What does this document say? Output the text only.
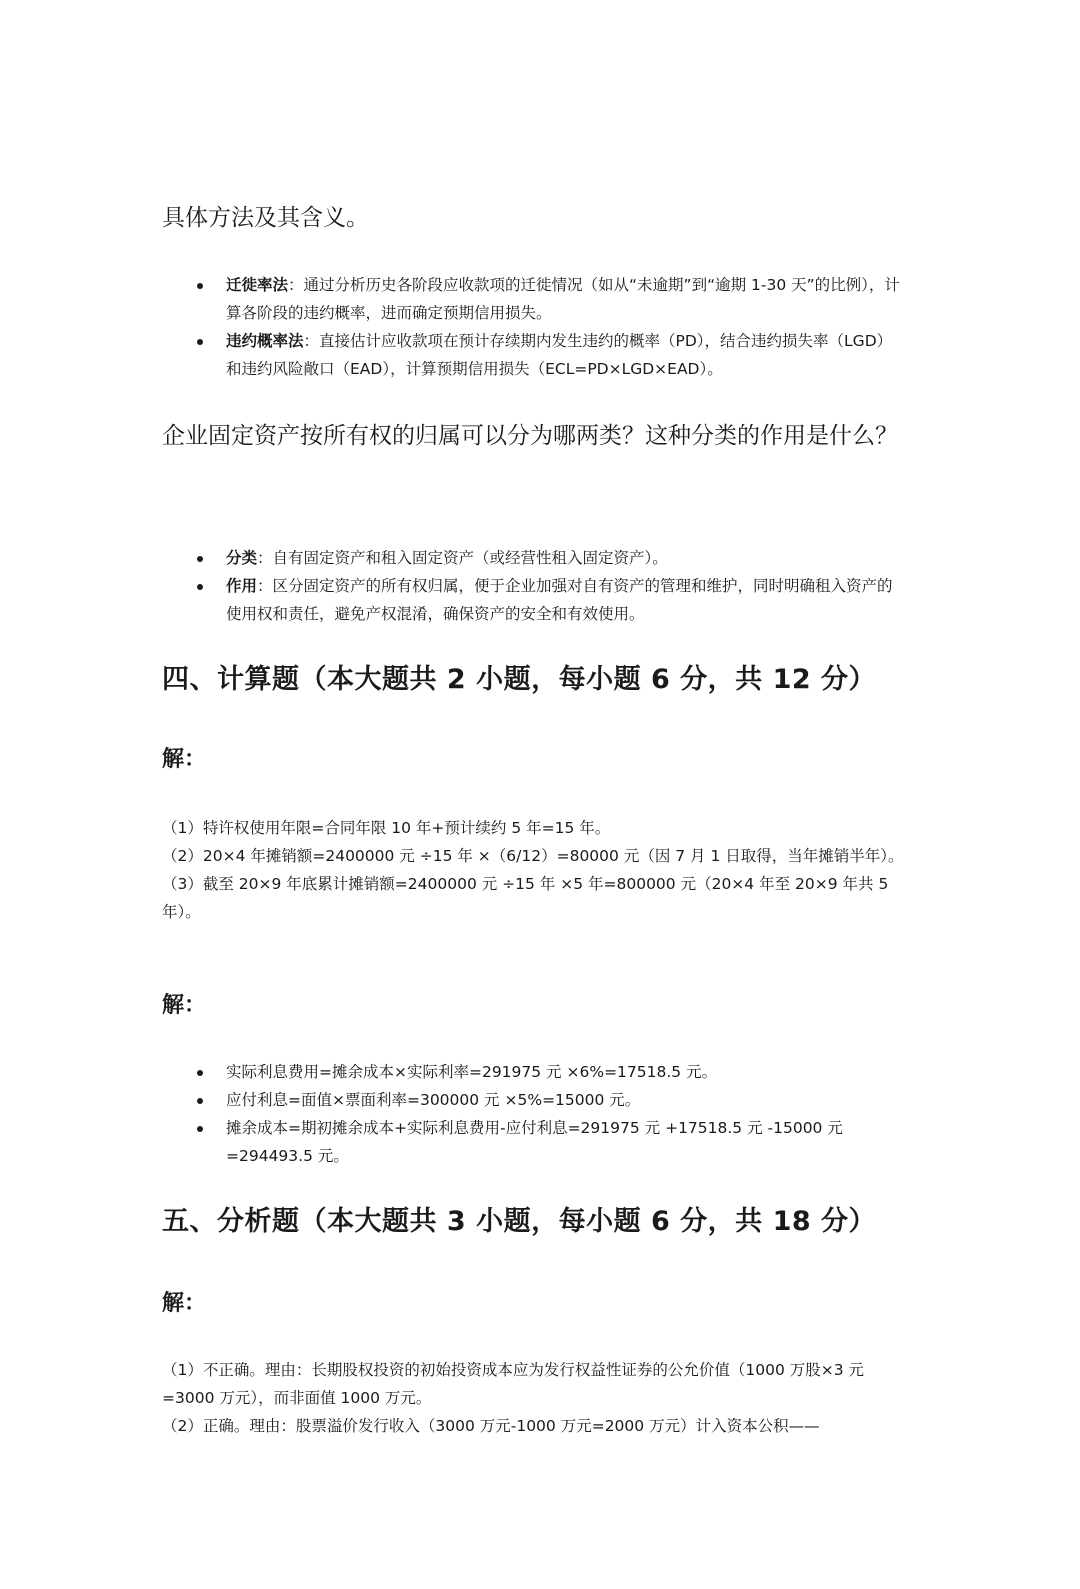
具体方法及其含义。
迁徙率法：通过分析历史各阶段应收款项的迁徙情况（如从“未逾期”到“逾期 1-30 天”的比例），计算各阶段的违约概率，进而确定预期信用损失。
违约概率法：直接估计应收款项在预计存续期内发生违约的概率（PD），结合违约损失率（LGD）和违约风险敞口（EAD），计算预期信用损失（ECL=PD×LGD×EAD）。
企业固定资产按所有权的归属可以分为哪两类？这种分类的作用是什么？
分类：自有固定资产和租入固定资产（或经营性租入固定资产）。
作用：区分固定资产的所有权归属，便于企业加强对自有资产的管理和维护，同时明确租入资产的使用权和责任，避免产权混淆，确保资产的安全和有效使用。
四、计算题（本大题共 2 小题，每小题 6 分，共 12 分）
解：

（1）特许权使用年限=合同年限 10 年+预计续约 5 年=15 年。

（2）20×4 年摊销额=2400000 元 ÷15 年 ×（6/12）=80000 元（因 7 月 1 日取得，当年摊销半年）。

（3）截至 20×9 年底累计摊销额=2400000 元 ÷15 年 ×5 年=800000 元（20×4 年至 20×9 年共 5 年）。

解：
实际利息费用=摊余成本×实际利率=291975 元 ×6%=17518.5 元。
应付利息=面值×票面利率=300000 元 ×5%=15000 元。
摊余成本=期初摊余成本+实际利息费用-应付利息=291975 元 +17518.5 元 -15000 元=294493.5 元。
五、分析题（本大题共 3 小题，每小题 6 分，共 18 分）
解：

（1）不正确。理由：长期股权投资的初始投资成本应为发行权益性证券的公允价值（1000 万股×3 元=3000 万元），而非面值 1000 万元。

（2）正确。理由：股票溢价发行收入（3000 万元-1000 万元=2000 万元）计入资本公积——
